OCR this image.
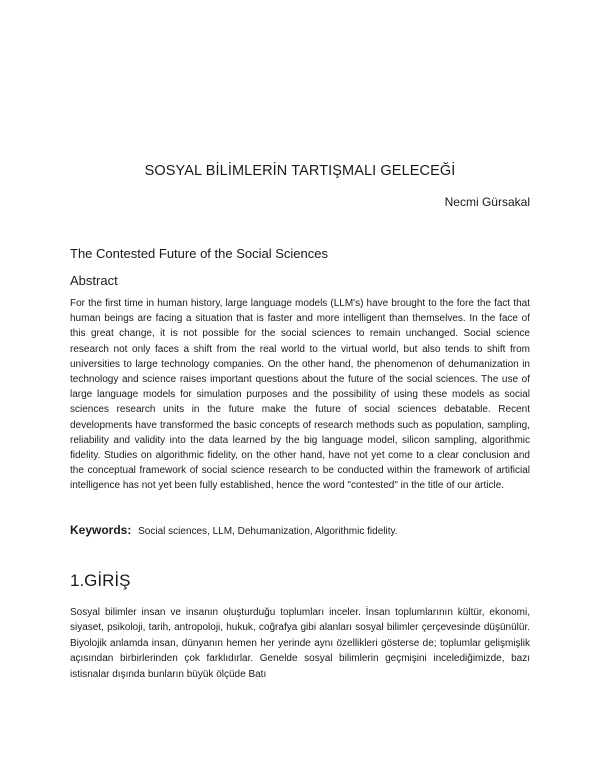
SOSYAL BİLİMLERİN TARTIŞMALI GELECEĞİ
Necmi Gürsakal
The Contested Future of the Social Sciences
Abstract

For the first time in human history, large language models (LLM's) have brought to the fore the fact that human beings are facing a situation that is faster and more intelligent than themselves. In the face of this great change, it is not possible for the social sciences to remain unchanged. Social science research not only faces a shift from the real world to the virtual world, but also tends to shift from universities to large technology companies. On the other hand, the phenomenon of dehumanization in technology and science raises important questions about the future of the social sciences. The use of large language models for simulation purposes and the possibility of using these models as social sciences research units in the future make the future of social sciences debatable. Recent developments have transformed the basic concepts of research methods such as population, sampling, reliability and validity into the data learned by the big language model, silicon sampling, algorithmic fidelity. Studies on algorithmic fidelity, on the other hand, have not yet come to a clear conclusion and the conceptual framework of social science research to be conducted within the framework of artificial intelligence has not yet been fully established, hence the word "contested" in the title of our article.

Keywords: Social sciences, LLM, Dehumanization, Algorithmic fidelity.
1.GİRİŞ

Sosyal bilimler insan ve insanın oluşturduğu toplumları inceler. İnsan toplumlarının kültür, ekonomi, siyaset, psikoloji, tarih, antropoloji, hukuk, coğrafya gibi alanları sosyal bilimler çerçevesinde düşünülür. Biyolojik anlamda insan, dünyanın hemen her yerinde aynı özellikleri gösterse de; toplumlar gelişmişlik açısından birbirlerinden çok farklıdırlar. Genelde sosyal bilimlerin geçmişini incelediğimizde, bazı istisnalar dışında bunların büyük ölçüde Batı
